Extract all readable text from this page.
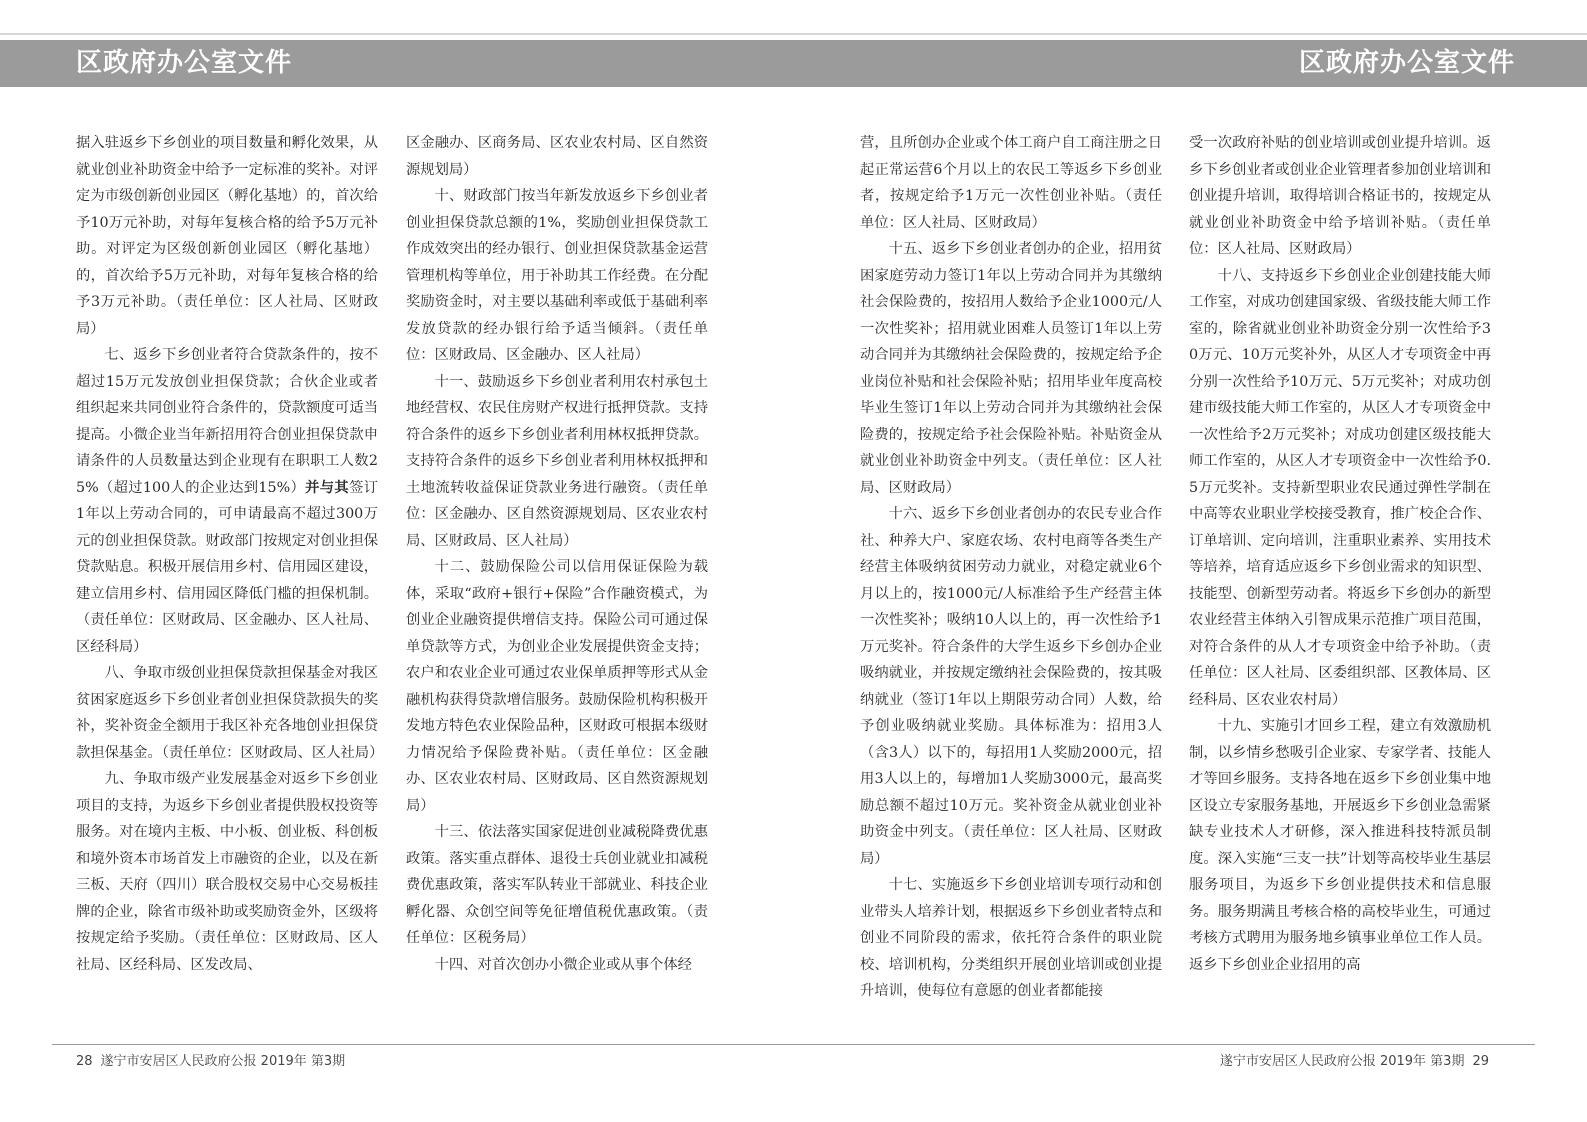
区政府办公室文件	区政府办公室文件

据入驻返乡下乡创业的项目数量和孵化效果，从就业创业补助资金中给予一定标准的奖补。对评定为市级创新创业园区（孵化基地）的，首次给予10万元补助，对每年复核合格的给予5万元补助。对评定为区级创新创业园区（孵化基地）的，首次给予5万元补助，对每年复核合格的给予3万元补助。（责任单位：区人社局、区财政局）

七、返乡下乡创业者符合贷款条件的，按不超过15万元发放创业担保贷款；合伙企业或者组织起来共同创业符合条件的，贷款额度可适当提高。小微企业当年新招用符合创业担保贷款申请条件的人员数量达到企业现有在职职工人数25%（超过100人的企业达到15%）并与其签订1年以上劳动合同的，可申请最高不超过300万元的创业担保贷款。财政部门按规定对创业担保贷款贴息。积极开展信用乡村、信用园区建设，建立信用乡村、信用园区降低门槛的担保机制。（责任单位：区财政局、区金融办、区人社局、区经科局）

八、争取市级创业担保贷款担保基金对我区贫困家庭返乡下乡创业者创业担保贷款损失的奖补，奖补资金全额用于我区补充各地创业担保贷款担保基金。（责任单位：区财政局、区人社局）

九、争取市级产业发展基金对返乡下乡创业项目的支持，为返乡下乡创业者提供股权投资等服务。对在境内主板、中小板、创业板、科创板和境外资本市场首发上市融资的企业，以及在新三板、天府（四川）联合股权交易中心交易板挂牌的企业，除省市级补助或奖励资金外，区级将按规定给予奖励。（责任单位：区财政局、区人社局、区经科局、区发改局、

区金融办、区商务局、区农业农村局、区自然资源规划局）

十、财政部门按当年新发放返乡下乡创业者创业担保贷款总额的1%，奖励创业担保贷款工作成效突出的经办银行、创业担保贷款基金运营管理机构等单位，用于补助其工作经费。在分配奖励资金时，对主要以基础利率或低于基础利率发放贷款的经办银行给予适当倾斜。（责任单位：区财政局、区金融办、区人社局）

十一、鼓励返乡下乡创业者利用农村承包土地经营权、农民住房财产权进行抵押贷款。支持符合条件的返乡下乡创业者利用林权抵押贷款。支持符合条件的返乡下乡创业者利用林权抵押和土地流转收益保证贷款业务进行融资。（责任单位：区金融办、区自然资源规划局、区农业农村局、区财政局、区人社局）

十二、鼓励保险公司以信用保证保险为载体，采取“政府+银行+保险”合作融资模式，为创业企业融资提供增信支持。保险公司可通过保单贷款等方式，为创业企业发展提供资金支持；农户和农业企业可通过农业保单质押等形式从金融机构获得贷款增信服务。鼓励保险机构积极开发地方特色农业保险品种，区财政可根据本级财力情况给予保险费补贴。（责任单位：区金融办、区农业农村局、区财政局、区自然资源规划局）

十三、依法落实国家促进创业减税降费优惠政策。落实重点群体、退役士兵创业就业扣减税费优惠政策，落实军队转业干部就业、科技企业孵化器、众创空间等免征增值税优惠政策。（责任单位：区税务局）

十四、对首次创办小微企业或从事个体经

营，且所创办企业或个体工商户自工商注册之日起正常运营6个月以上的农民工等返乡下乡创业者，按规定给予1万元一次性创业补贴。（责任单位：区人社局、区财政局）

十五、返乡下乡创业者创办的企业，招用贫困家庭劳动力签订1年以上劳动合同并为其缴纳社会保险费的，按招用人数给予企业1000元/人一次性奖补；招用就业困难人员签订1年以上劳动合同并为其缴纳社会保险费的，按规定给予企业岗位补贴和社会保险补贴；招用毕业年度高校毕业生签订1年以上劳动合同并为其缴纳社会保险费的，按规定给予社会保险补贴。补贴资金从就业创业补助资金中列支。（责任单位：区人社局、区财政局）

十六、返乡下乡创业者创办的农民专业合作社、种养大户、家庭农场、农村电商等各类生产经营主体吸纳贫困劳动力就业，对稳定就业6个月以上的，按1000元/人标准给予生产经营主体一次性奖补；吸纳10人以上的，再一次性给予1万元奖补。符合条件的大学生返乡下乡创办企业吸纳就业，并按规定缴纳社会保险费的，按其吸纳就业（签订1年以上期限劳动合同）人数，给予创业吸纳就业奖励。具体标准为：招用3人（含3人）以下的，每招用1人奖励2000元，招用3人以上的，每增加1人奖励3000元，最高奖励总额不超过10万元。奖补资金从就业创业补助资金中列支。（责任单位：区人社局、区财政局）

十七、实施返乡下乡创业培训专项行动和创业带头人培养计划，根据返乡下乡创业者特点和创业不同阶段的需求，依托符合条件的职业院校、培训机构，分类组织开展创业培训或创业提升培训，使每位有意愿的创业者都能接

受一次政府补贴的创业培训或创业提升培训。返乡下乡创业者或创业企业管理者参加创业培训和创业提升培训，取得培训合格证书的，按规定从就业创业补助资金中给予培训补贴。（责任单位：区人社局、区财政局）

十八、支持返乡下乡创业企业创建技能大师工作室，对成功创建国家级、省级技能大师工作室的，除省就业创业补助资金分别一次性给予30万元、10万元奖补外，从区人才专项资金中再分别一次性给予10万元、5万元奖补；对成功创建市级技能大师工作室的，从区人才专项资金中一次性给予2万元奖补；对成功创建区级技能大师工作室的，从区人才专项资金中一次性给予0.5万元奖补。支持新型职业农民通过弹性学制在中高等农业职业学校接受教育，推广校企合作、订单培训、定向培训，注重职业素养、实用技术等培养，培育适应返乡下乡创业需求的知识型、技能型、创新型劳动者。将返乡下乡创办的新型农业经营主体纳入引智成果示范推广项目范围，对符合条件的从人才专项资金中给予补助。（责任单位：区人社局、区委组织部、区教体局、区经科局、区农业农村局）

十九、实施引才回乡工程，建立有效激励机制，以乡情乡愁吸引企业家、专家学者、技能人才等回乡服务。支持各地在返乡下乡创业集中地区设立专家服务基地，开展返乡下乡创业急需紧缺专业技术人才研修，深入推进科技特派员制度。深入实施“三支一扶”计划等高校毕业生基层服务项目，为返乡下乡创业提供技术和信息服务。服务期满且考核合格的高校毕业生，可通过考核方式聘用为服务地乡镇事业单位工作人员。返乡下乡创业企业招用的高

28 遂宁市安居区人民政府公报 2019年 第3期	遂宁市安居区人民政府公报 2019年 第3期 29
